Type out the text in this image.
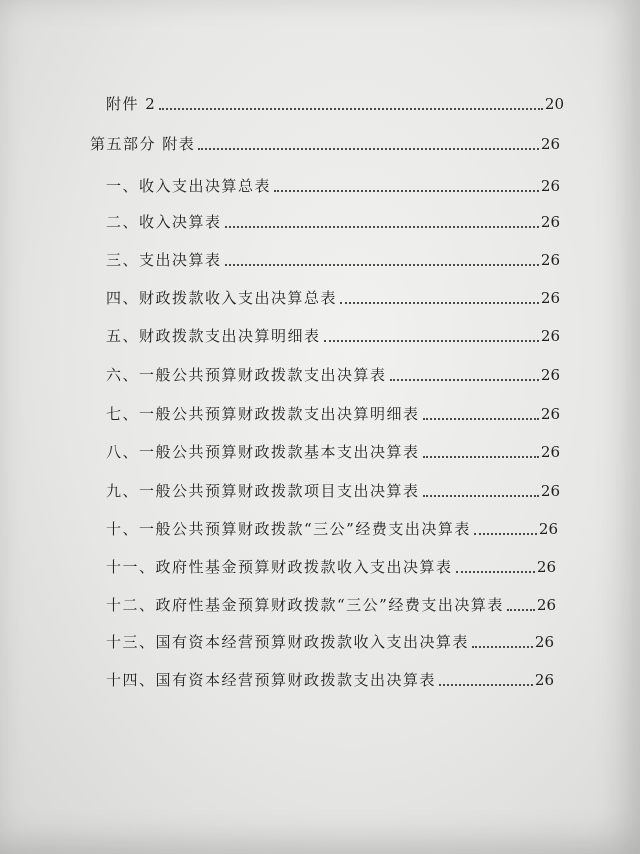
附件 2	20
第五部分 附表	26
一、收入支出决算总表	26
二、收入决算表	26
三、支出决算表	26
四、财政拨款收入支出决算总表	26
五、财政拨款支出决算明细表	26
六、一般公共预算财政拨款支出决算表	26
七、一般公共预算财政拨款支出决算明细表	26
八、一般公共预算财政拨款基本支出决算表	26
九、一般公共预算财政拨款项目支出决算表	26
十、一般公共预算财政拨款“三公”经费支出决算表	26
十一、政府性基金预算财政拨款收入支出决算表	26
十二、政府性基金预算财政拨款“三公”经费支出决算表 26
十三、国有资本经营预算财政拨款收入支出决算表	26
十四、国有资本经营预算财政拨款支出决算表	26
